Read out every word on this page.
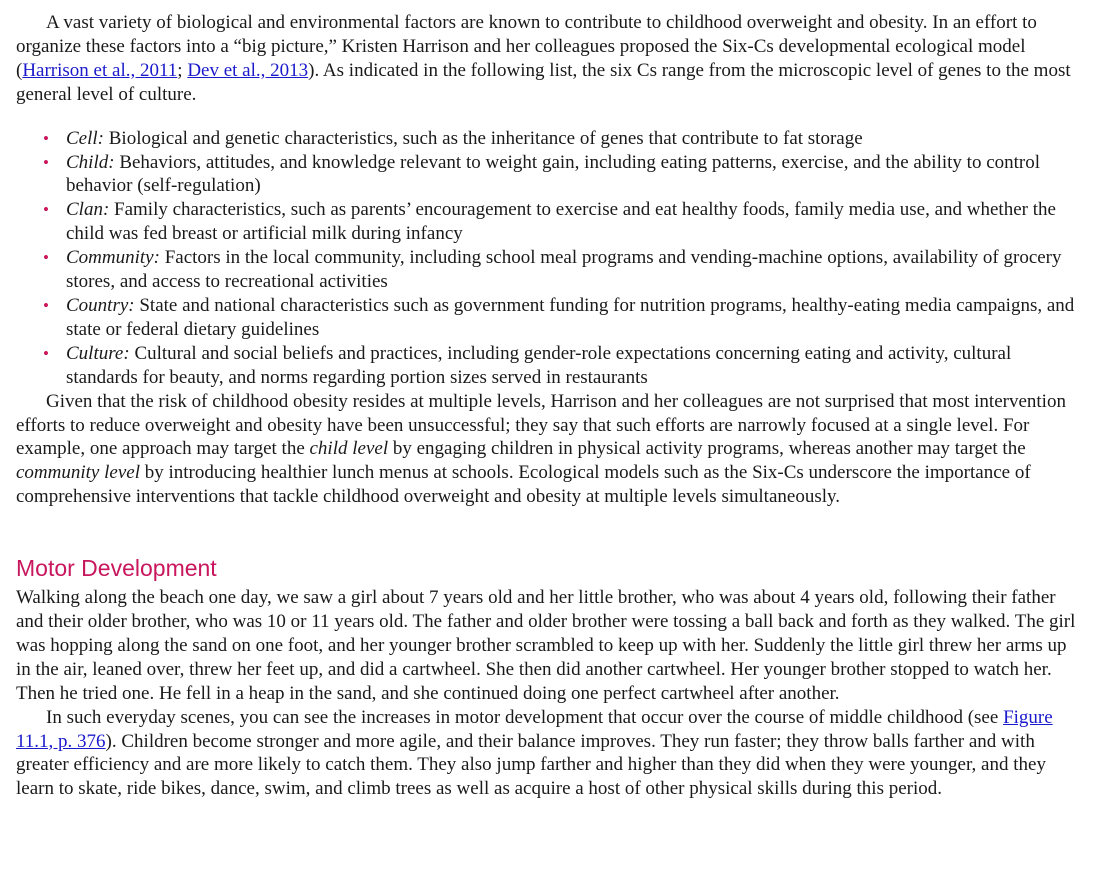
A vast variety of biological and environmental factors are known to contribute to childhood overweight and obesity. In an effort to organize these factors into a “big picture,” Kristen Harrison and her colleagues proposed the Six-Cs developmental ecological model (Harrison et al., 2011; Dev et al., 2013). As indicated in the following list, the six Cs range from the microscopic level of genes to the most general level of culture.

• Cell: Biological and genetic characteristics, such as the inheritance of genes that contribute to fat storage
• Child: Behaviors, attitudes, and knowledge relevant to weight gain, including eating patterns, exercise, and the ability to control behavior (self-regulation)
• Clan: Family characteristics, such as parents’ encouragement to exercise and eat healthy foods, family media use, and whether the child was fed breast or artificial milk during infancy
• Community: Factors in the local community, including school meal programs and vending-machine options, availability of grocery stores, and access to recreational activities
• Country: State and national characteristics such as government funding for nutrition programs, healthy-eating media campaigns, and state or federal dietary guidelines
• Culture: Cultural and social beliefs and practices, including gender-role expectations concerning eating and activity, cultural standards for beauty, and norms regarding portion sizes served in restaurants

Given that the risk of childhood obesity resides at multiple levels, Harrison and her colleagues are not surprised that most intervention efforts to reduce overweight and obesity have been unsuccessful; they say that such efforts are narrowly focused at a single level. For example, one approach may target the child level by engaging children in physical activity programs, whereas another may target the community level by introducing healthier lunch menus at schools. Ecological models such as the Six-Cs underscore the importance of comprehensive interventions that tackle childhood overweight and obesity at multiple levels simultaneously.

Motor Development

Walking along the beach one day, we saw a girl about 7 years old and her little brother, who was about 4 years old, following their father and their older brother, who was 10 or 11 years old. The father and older brother were tossing a ball back and forth as they walked. The girl was hopping along the sand on one foot, and her younger brother scrambled to keep up with her. Suddenly the little girl threw her arms up in the air, leaned over, threw her feet up, and did a cartwheel. She then did another cartwheel. Her younger brother stopped to watch her. Then he tried one. He fell in a heap in the sand, and she continued doing one perfect cartwheel after another.

In such everyday scenes, you can see the increases in motor development that occur over the course of middle childhood (see Figure 11.1, p. 376). Children become stronger and more agile, and their balance improves. They run faster; they throw balls farther and with greater efficiency and are more likely to catch them. They also jump farther and higher than they did when they were younger, and they learn to skate, ride bikes, dance, swim, and climb trees as well as acquire a host of other physical skills during this period.
